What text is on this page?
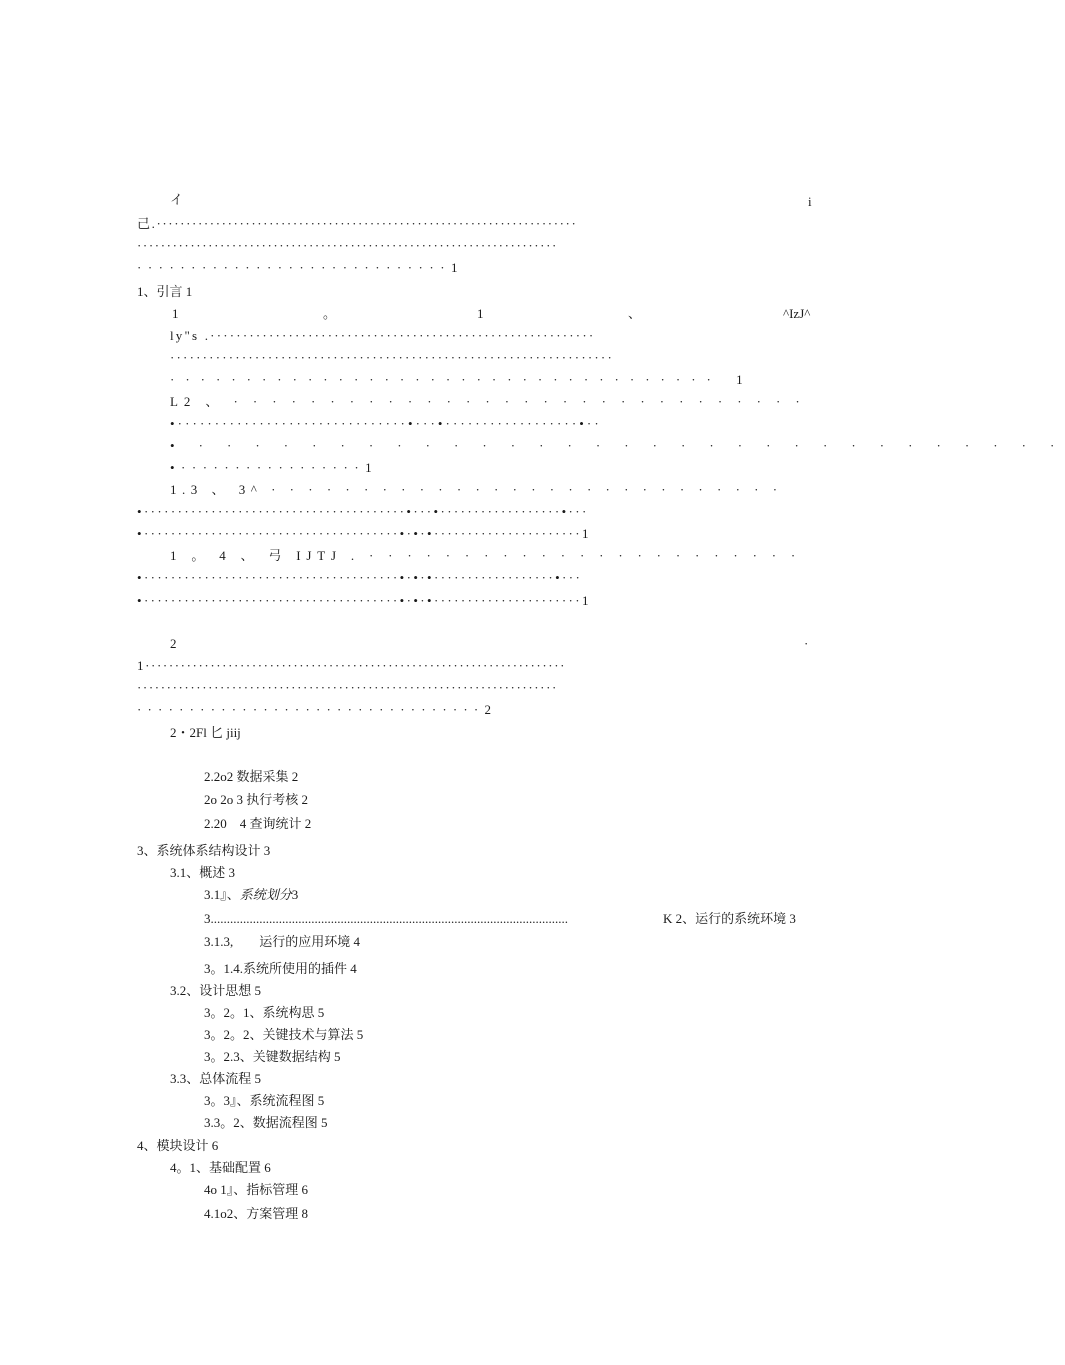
イ	i
己.·······································································
·······································································
·····························1
1、引言 1
1	。	1	、	^IzJ^
ly"s .···························································
····································································
···································· 1
L2 、 · · · · · · · · · · · · · · · · · · · · · · · · · · · · · ·
•·······························•···•··················•··
• · · · · · · · · · · · · · · · · · · · · · · · · · · · · · · ·
•·················1
1.3 、 3^ · · · · · · · · · · · · · · · · · · · · · · · · · · · ·
•·······································•···•··················•···
•······································•·•·•······················1
1 。 4 、 弓 IJTJ . · · · · · · · · · · · · · · · · · · · · · · ·
•······································•·•·•··················•···
•······································•·•·•······················1
2	·
1·······································································
·······································································
·································2
2・2Fl 匕 jiij
2.2o2 数据采集 2
2o 2o 3 执行考核 2
2.20　4 查询统计 2
3、系统体系结构设计 3
3.1、概述 3
3.1』、系统划分3
3..............................................................................................................	K 2、运行的系统环境 3
3.1.3,　　运行的应用环境 4
3。1.4.系统所使用的插件 4
3.2、设计思想 5
3。2。1、系统构思 5
3。2。2、关键技术与算法 5
3。2.3、关键数据结构 5
3.3、总体流程 5
3。3』、系统流程图 5
3.3。2、数据流程图 5
4、模块设计 6
4。1、基础配置 6
4o 1』、指标管理 6
4.1o2、方案管理 8
